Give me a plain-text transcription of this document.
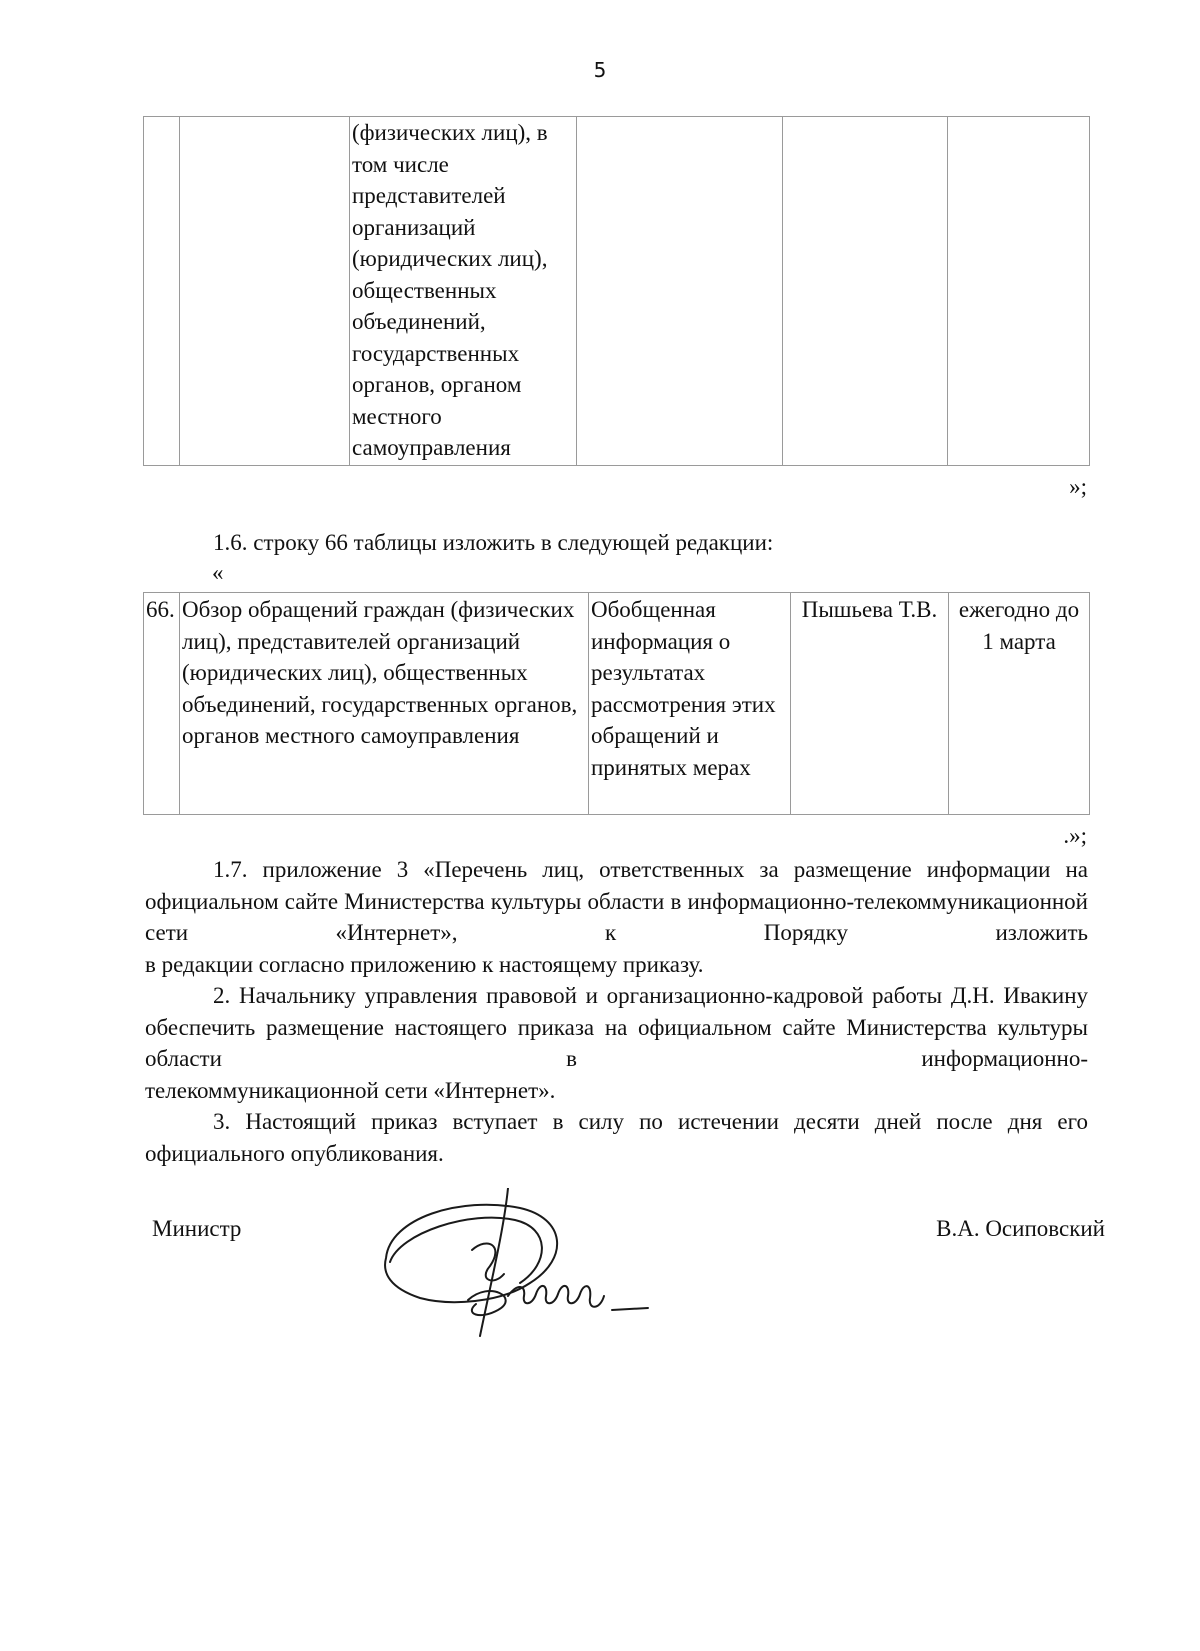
5
		(физических лиц), в том числе представителей организаций (юридических лиц), общественных объединений, государственных органов, органом местного самоуправления			
»;

1.6. строку 66 таблицы изложить в следующей редакции:

«
66.	Обзор обращений граждан (физических лиц), представителей организаций (юридических лиц), общественных объединений, государственных органов, органов местного самоуправления	Обобщенная информация о результатах рассмотрения этих обращений и принятых мерах	Пышьева Т.В.	ежегодно до 1 марта
.»;

1.7. приложение 3 «Перечень лиц, ответственных за размещение информации на официальном сайте Министерства культуры области в информационно-телекоммуникационной сети «Интернет», к Порядку изложить

в редакции согласно приложению к настоящему приказу.

2. Начальнику управления правовой и организационно-кадровой работы Д.Н. Ивакину обеспечить размещение настоящего приказа на официальном сайте Министерства культуры области в информационно-

телекоммуникационной сети «Интернет».

3. Настоящий приказ вступает в силу по истечении десяти дней после дня его официального опубликования.

Министр	В.А. Осиповский
